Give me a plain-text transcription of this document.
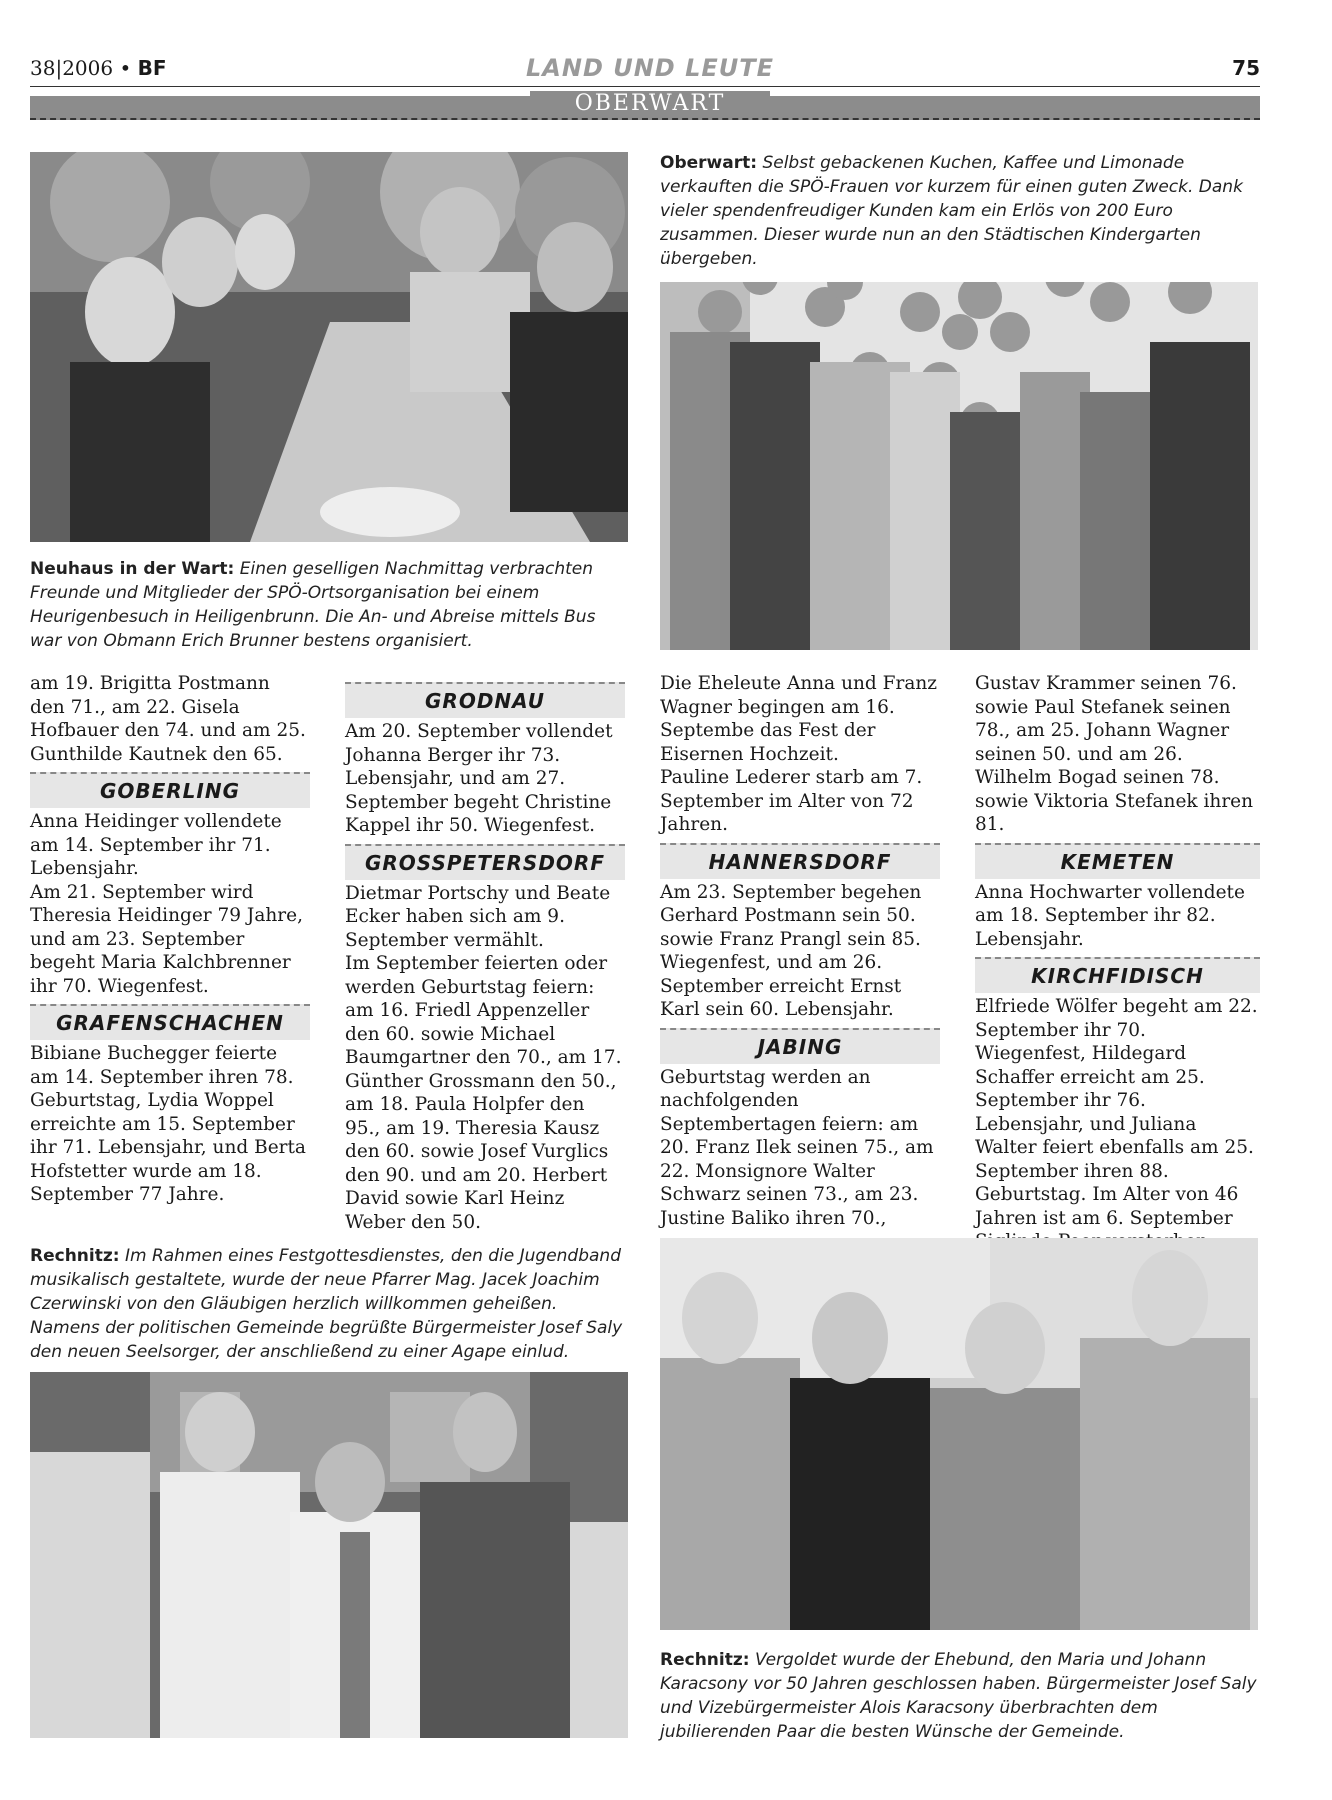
38|2006 • BF	LAND UND LEUTE	75
OBERWART
Neuhaus in der Wart: Einen geselligen Nachmittag verbrachten Freunde und Mitglieder der SPÖ-Ortsorganisation bei einem Heurigenbesuch in Heiligenbrunn. Die An- und Abreise mittels Bus war von Obmann Erich Brunner bestens organisiert.
Oberwart: Selbst gebackenen Kuchen, Kaffee und Limonade verkauften die SPÖ-Frauen vor kurzem für einen guten Zweck. Dank vieler spendenfreudiger Kunden kam ein Erlös von 200 Euro zusammen. Dieser wurde nun an den Städtischen Kindergarten übergeben.

am 19. Brigitta Postmann den 71., am 22. Gisela Hofbauer den 74. und am 25. Gunthilde Kautnek den 65.

GOBERLING

Anna Heidinger vollendete am 14. September ihr 71. Lebensjahr.

Am 21. September wird Theresia Heidinger 79 Jahre, und am 23. September begeht Maria Kalchbrenner ihr 70. Wiegenfest.

GRAFENSCHACHEN

Bibiane Buchegger feierte am 14. September ihren 78. Geburtstag, Lydia Woppel erreichte am 15. September ihr 71. Lebensjahr, und Berta Hofstetter wurde am 18. September 77 Jahre.

GRODNAU

Am 20. September vollendet Johanna Berger ihr 73. Lebensjahr, und am 27. September begeht Christine Kappel ihr 50. Wiegenfest.

GROSSPETERSDORF

Dietmar Portschy und Beate Ecker haben sich am 9. September vermählt.

Im September feierten oder werden Geburtstag feiern: am 16. Friedl Appenzeller den 60. sowie Michael Baumgartner den 70., am 17. Günther Grossmann den 50., am 18. Paula Holpfer den 95., am 19. Theresia Kausz den 60. sowie Josef Vurglics den 90. und am 20. Herbert David sowie Karl Heinz Weber den 50.

Die Eheleute Anna und Franz Wagner begingen am 16. Septembe das Fest der Eisernen Hochzeit.

Pauline Lederer starb am 7. September im Alter von 72 Jahren.

HANNERSDORF

Am 23. September begehen Gerhard Postmann sein 50. sowie Franz Prangl sein 85. Wiegenfest, und am 26. September erreicht Ernst Karl sein 60. Lebensjahr.

JABING

Geburtstag werden an nachfolgenden Septembertagen feiern: am 20. Franz Ilek seinen 75., am 22. Monsignore Walter Schwarz seinen 73., am 23. Justine Baliko ihren 70.,

Gustav Krammer seinen 76. sowie Paul Stefanek seinen 78., am 25. Johann Wagner seinen 50. und am 26. Wilhelm Bogad seinen 78. sowie Viktoria Stefanek ihren 81.

KEMETEN

Anna Hochwarter vollendete am 18. September ihr 82. Lebensjahr.

KIRCHFIDISCH

Elfriede Wölfer begeht am 22. September ihr 70. Wiegenfest, Hildegard Schaffer erreicht am 25. September ihr 76. Lebensjahr, und Juliana Walter feiert ebenfalls am 25. September ihren 88. Geburtstag. Im Alter von 46 Jahren ist am 6. September

Rechnitz: Im Rahmen eines Festgottesdienstes, den die Jugendband musikalisch gestaltete, wurde der neue Pfarrer Mag. Jacek Joachim Czerwinski von den Gläubigen herzlich willkommen geheißen. Namens der politischen Gemeinde begrüßte Bürgermeister Josef Saly den neuen Seelsorger, der anschließend zu einer Agape einlud.
Rechnitz: Vergoldet wurde der Ehebund, den Maria und Johann Karacsony vor 50 Jahren geschlossen haben. Bürgermeister Josef Saly und Vizebürgermeister Alois Karacsony überbrachten dem jubilierenden Paar die besten Wünsche der Gemeinde.
